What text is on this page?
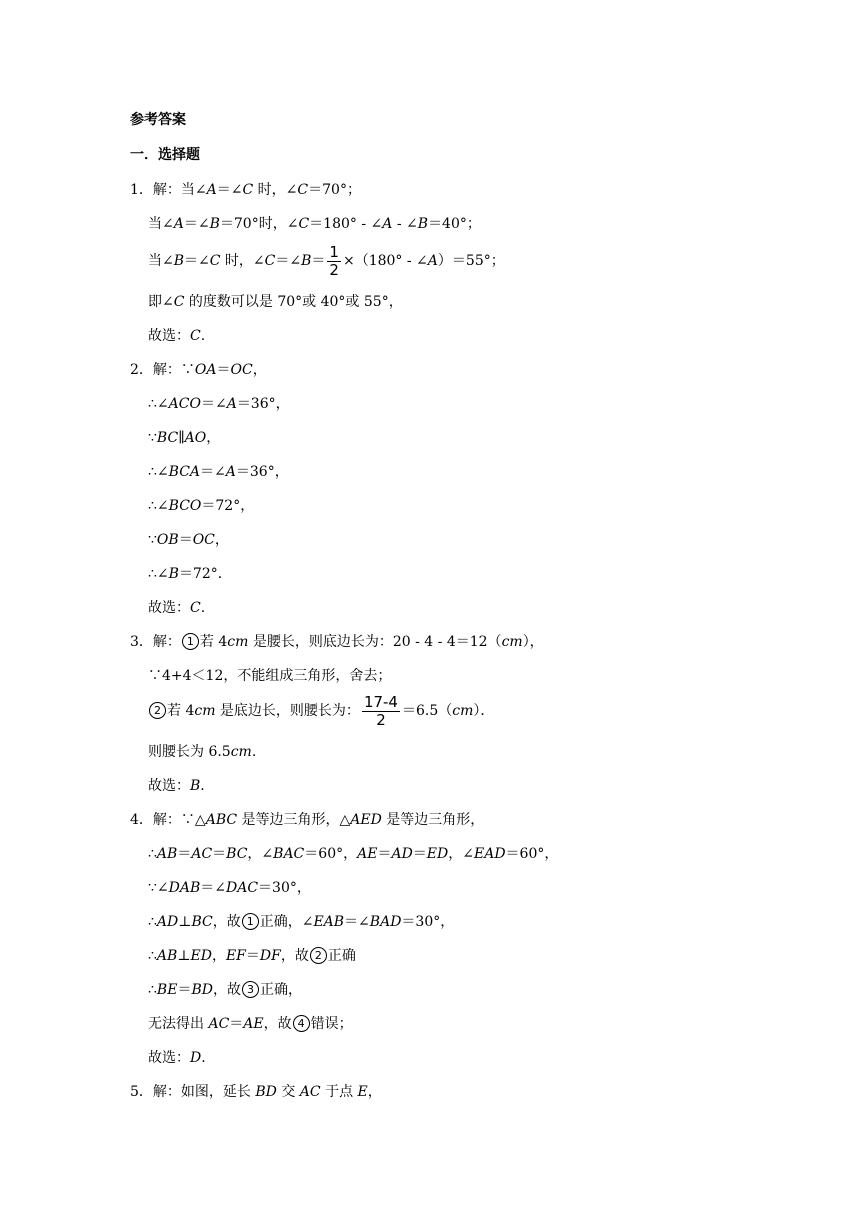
参考答案
一．选择题
1．解：当∠A＝∠C 时，∠C＝70°；
当∠A＝∠B＝70°时，∠C＝180° - ∠A - ∠B＝40°；
当∠B＝∠C 时，∠C＝∠B＝ $\frac{1}{2} \times(180^\circ$ - ∠A）＝55°；
即∠C 的度数可以是 70°或 40°或 55°，
故选：C.
2．解：∵OA＝OC，
∴∠ACO＝∠A＝36°，
∵BC∥AO，
∴∠BCA＝∠A＝36°，
∴∠BCO＝72°，
∵OB＝OC，
∴∠B＝72°．
故选：C.
3．解： 1 若 4cm 是腰长，则底边长为：20 - 4 - 4＝12（cm），
∵4+4＜12，不能组成三角形，舍去；
2 若 4cm 是底边长，则腰长为： $\frac{17-4}{2} =6.5(cm)$．
则腰长为 6.5cm.
故选：B.
4．解：∵△ABC 是等边三角形，△AED 是等边三角形，
∴AB＝AC＝BC，∠BAC＝60°，AE＝AD＝ED，∠EAD＝60°，
∵∠DAB＝∠DAC＝30°，
∴AD⊥BC，故 1 正确，∠EAB＝∠BAD＝30°，
∴AB⊥ED，EF＝DF，故 2 正确
∴BE＝BD，故 3 正确，
无法得出 AC＝AE，故 4 错误；
故选：D.
5．解：如图，延长 BD 交 AC 于点 E，
